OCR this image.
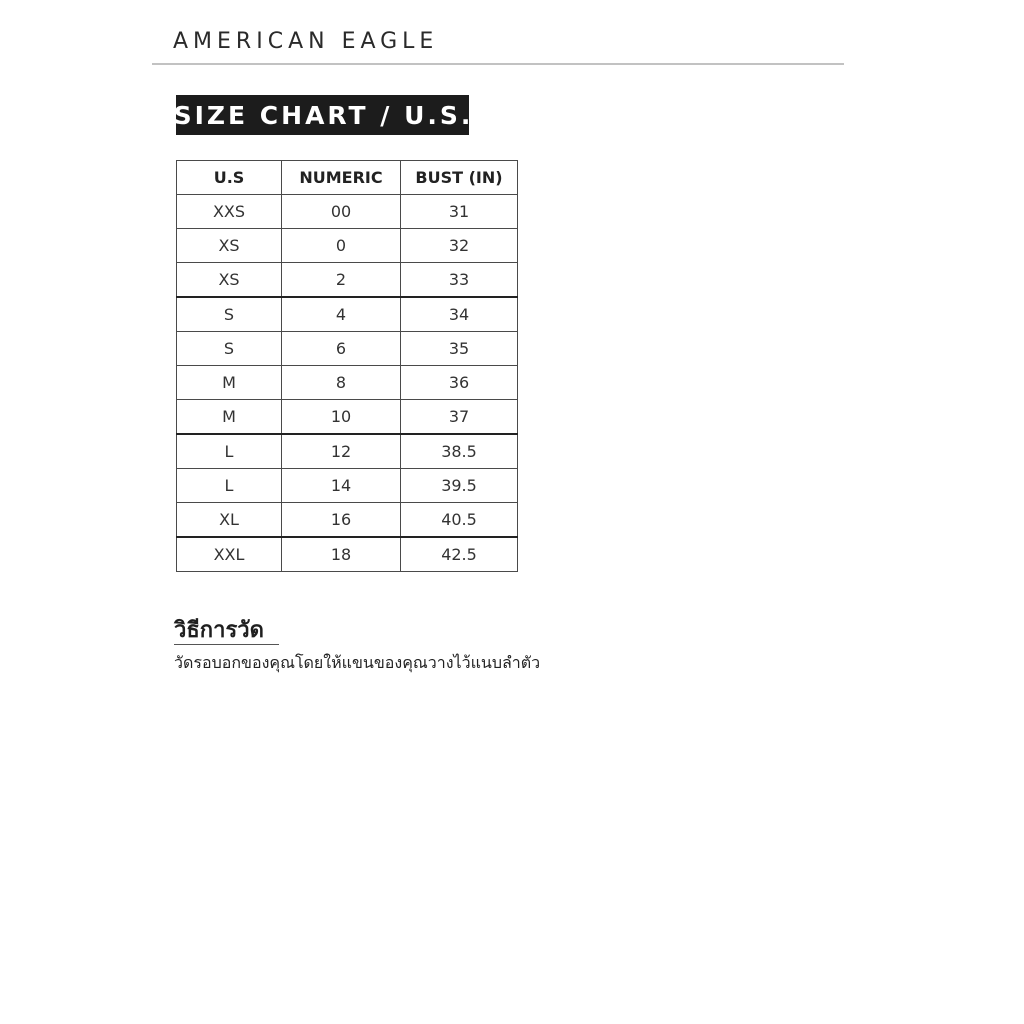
AMERICAN EAGLE
SIZE CHART / U.S.
U.S	NUMERIC	BUST (IN)
XXS	00	31
XS	0	32
XS	2	33
S	4	34
S	6	35
M	8	36
M	10	37
L	12	38.5
L	14	39.5
XL	16	40.5
XXL	18	42.5
วิธีการวัด
วัดรอบอกของคุณโดยให้แขนของคุณวางไว้แนบลำตัว
